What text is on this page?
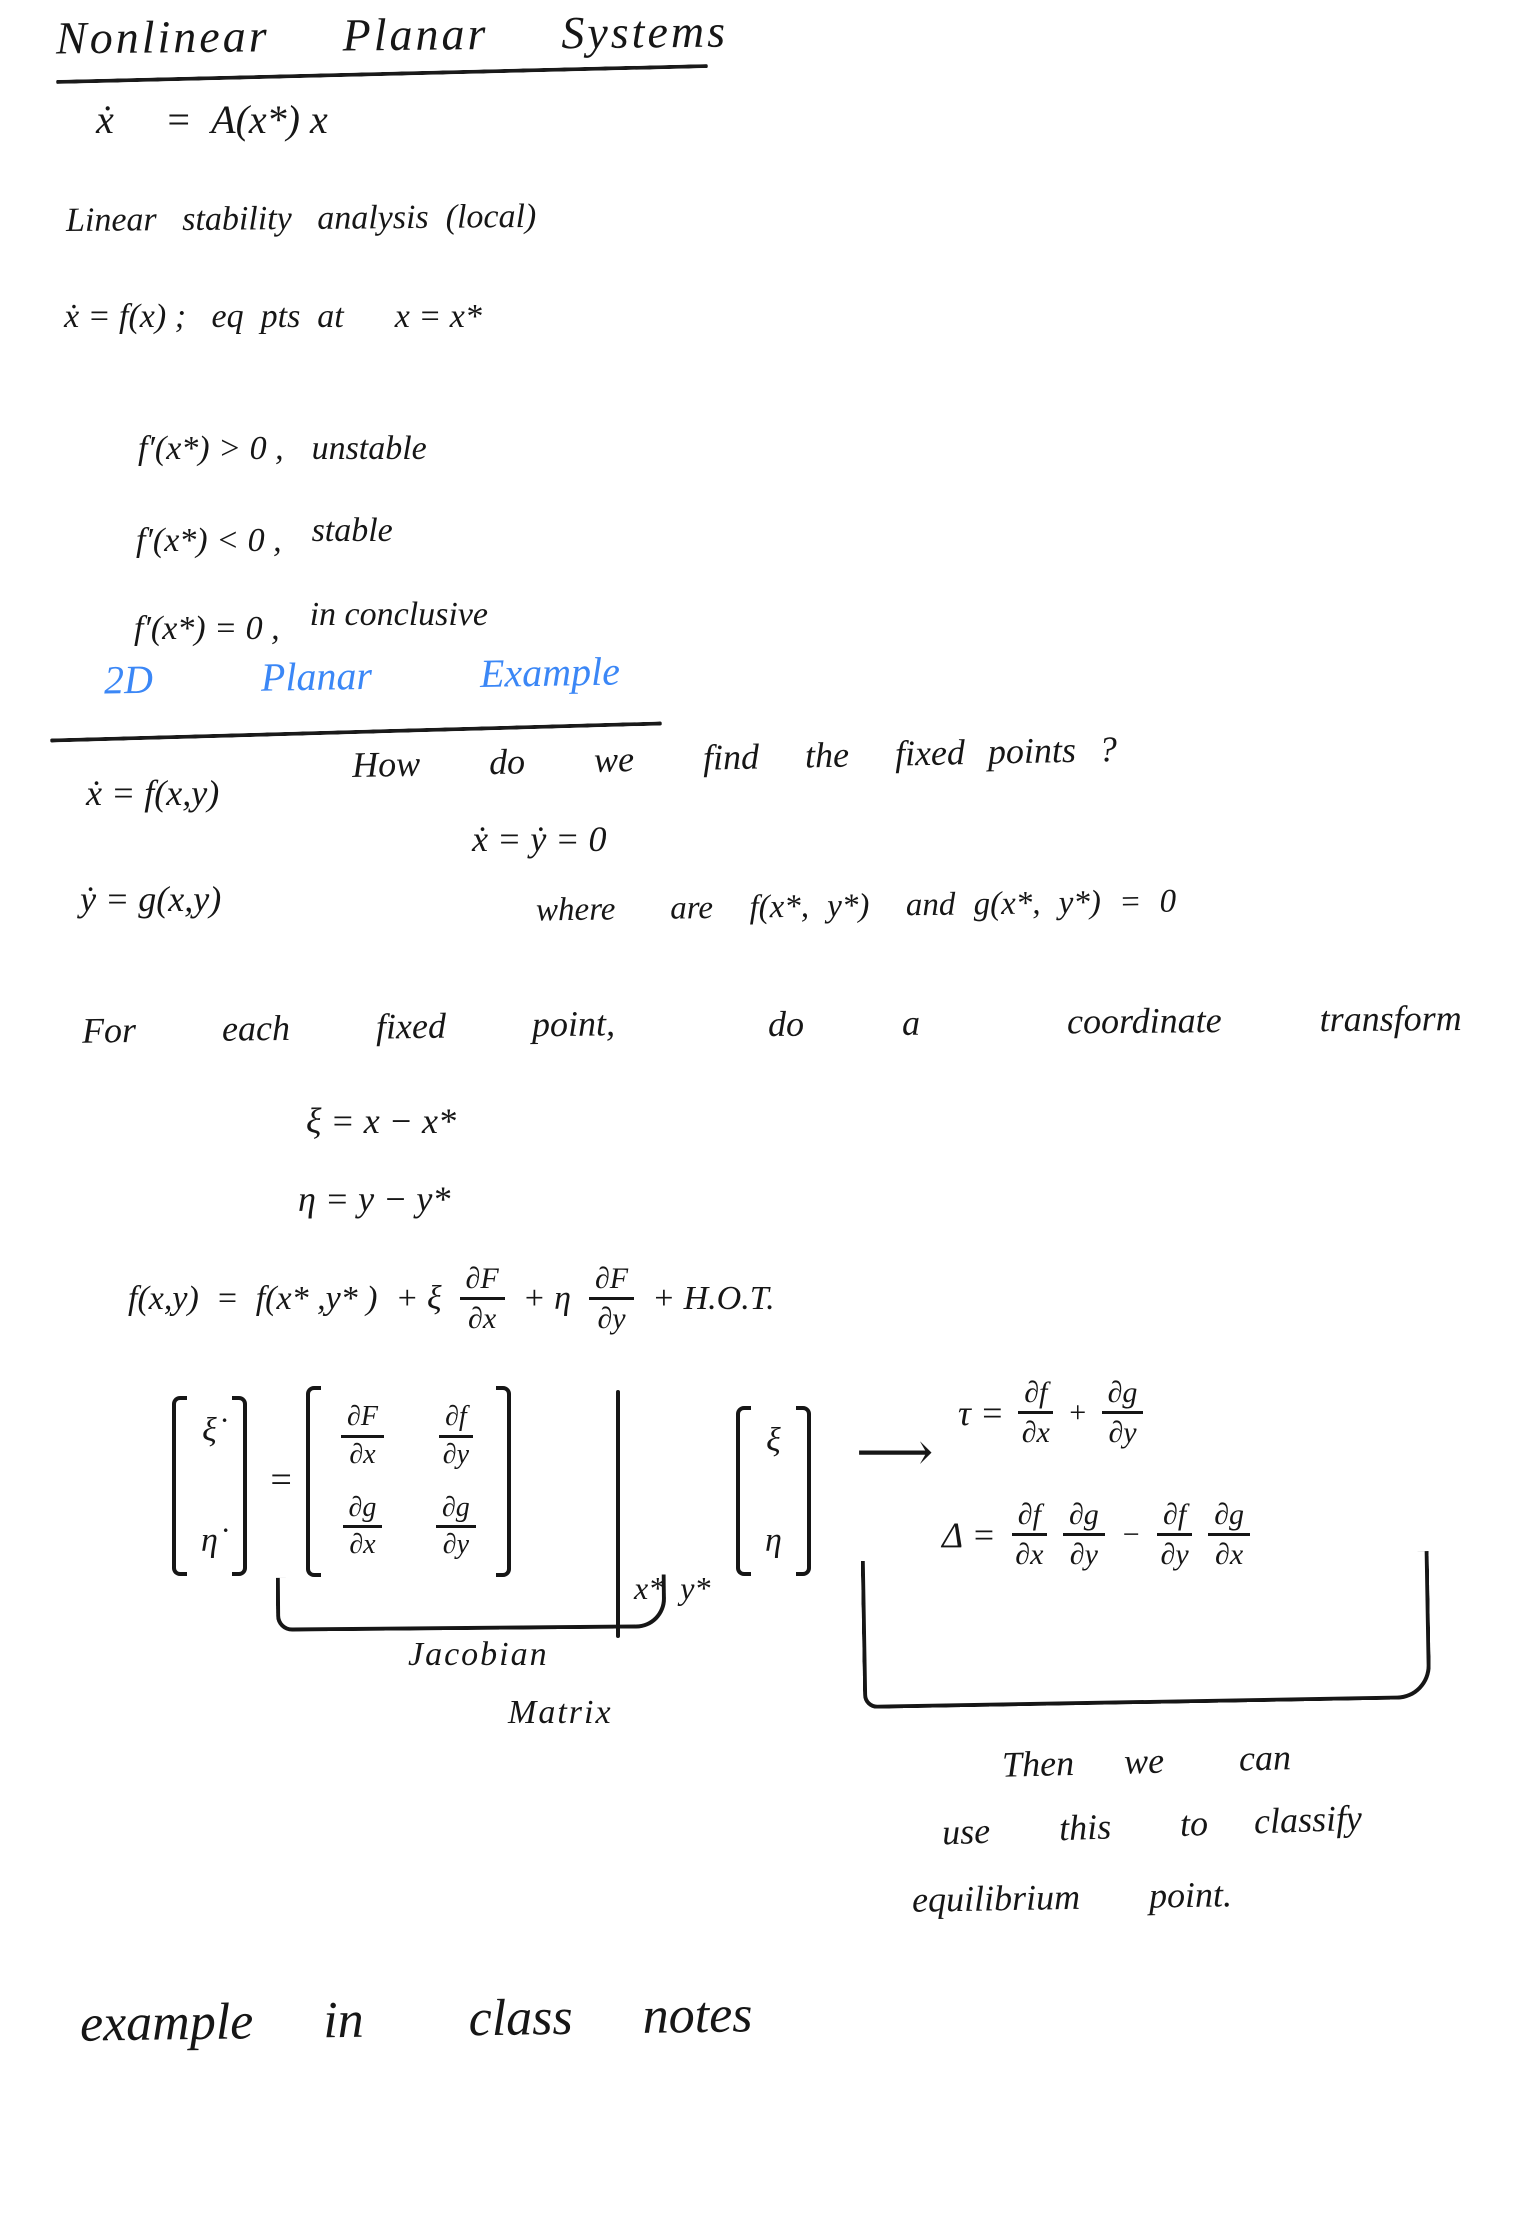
Nonlinear  Planar  Systems
ẋ⃗  =  A(x*) x⃗
Linear   stability   analysis  (local)
ẋ = f(x) ;   eq  pts  at      x = x*

f′(x*) > 0 , unstable

f′(x*) < 0 , stable

f′(x*) = 0 , in conclusive

2D   Planar   Example
How   do   we   find  the  fixed points ?
ẋ = f(x,y)
ẋ = ẏ = 0
ẏ = g(x,y)	where   are  f(x*, y*)  and g(x*, y*) = 0
For  each  fixed  point,	do  a   coordinate  transform
ξ = x − x*
η = y − y*
f(x,y)  =  f(x* ,y* ) + ξ $\frac{\partial F}{\partial x} + \eta \frac{\partial F}{\partial y} + H.O.T$.
ξ̇
η̇
=
$\frac{\partial F}{\partial x} \frac{\partial f}{\partial y}$
$\frac{\partial g}{\partial x} \frac{\partial g}{\partial y}$
x*  y*
ξ
η
⟶
$\tau = \frac{\partial f}{\partial x} + \frac{\partial g}{\partial y}$
$\Delta = \frac{\partial f}{\partial x} \frac{\partial g}{\partial y} - \frac{\partial f}{\partial y} \frac{\partial g}{\partial x}$
Jacobian
Matrix
Then  we   can
use   this   to  classify
equilibrium   point.
example  in   class  notes
